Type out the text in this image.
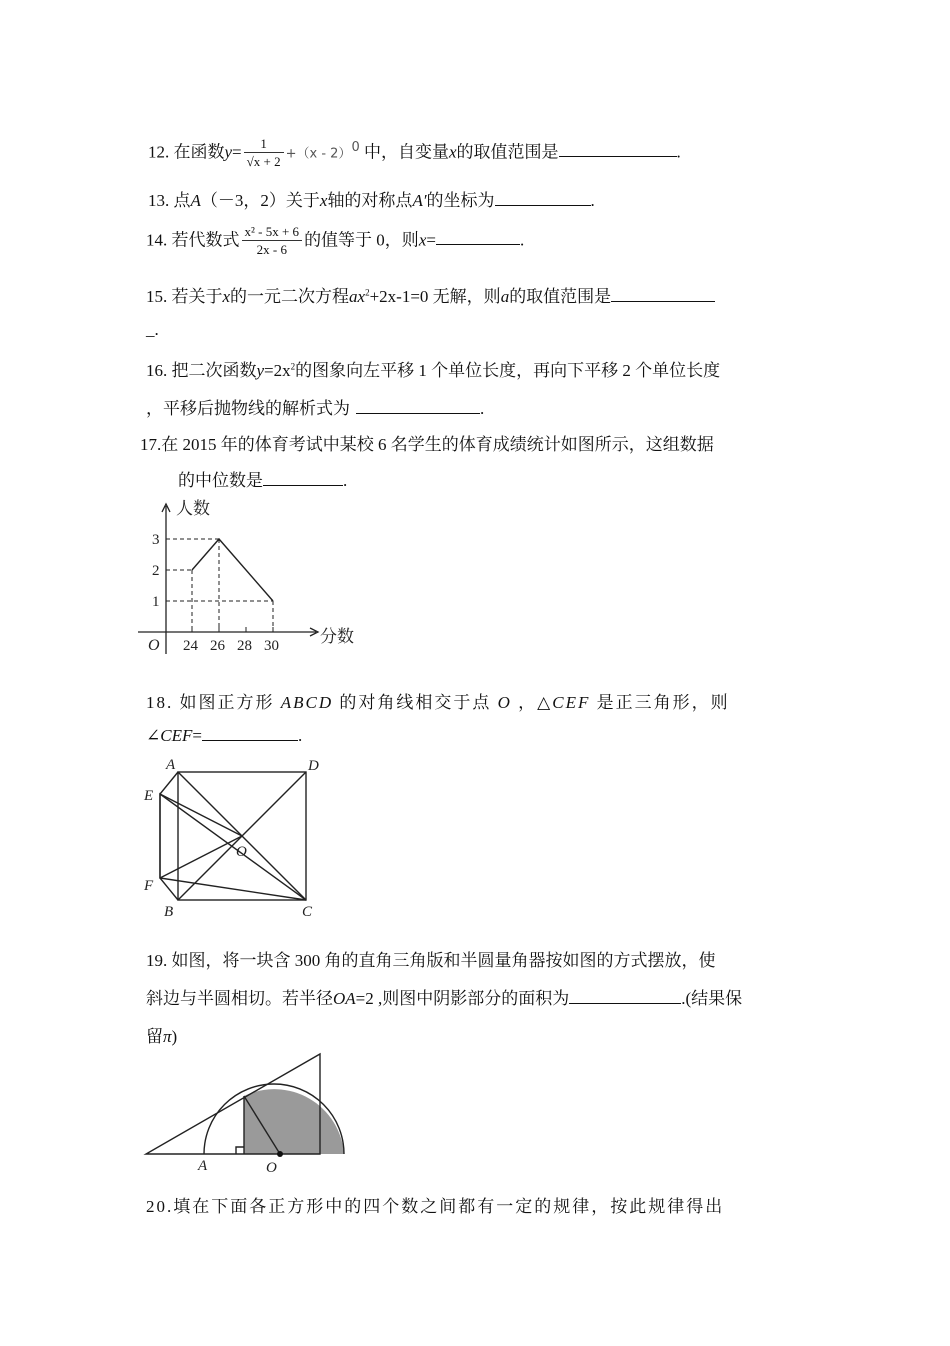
12. 在函数$y= \frac{1}{√x + 2} +(x - 2)^0$ 中，自变量x的取值范围是	.
13. 点A（－3，2）关于x轴的对称点A′的坐标为	.
14. 若代数式 $\frac{\text{x² - 5x + 6}}{2x - 6}$ 的值等于 0，则x=	.
15. 若关于x的一元二次方程$ax^2+2x-1=0$ 无解，则a的取值范围是
_.
16. 把二次函数$y=2x^2$的图象向左平移 1 个单位长度，再向下平移 2 个单位长度
，平移后抛物线的解析式为	.
17.在 2015 年的体育考试中某校 6 名学生的体育成绩统计如图所示，这组数据
的中位数是	.
24 26 28 30
1
2
3
人数
分数
O
18. 如图正方形 ABCD 的对角线相交于点 O ，△CEF 是正三角形，则
∠CEF=	.
A	D
E
O
F
B	C
19. 如图，将一块含 300 角的直角三角版和半圆量角器按如图的方式摆放，使
斜边与半圆相切。若半径OA=2 ,则图中阴影部分的面积为	.(结果保
留π)
A	O
20.填在下面各正方形中的四个数之间都有一定的规律，按此规律得出
